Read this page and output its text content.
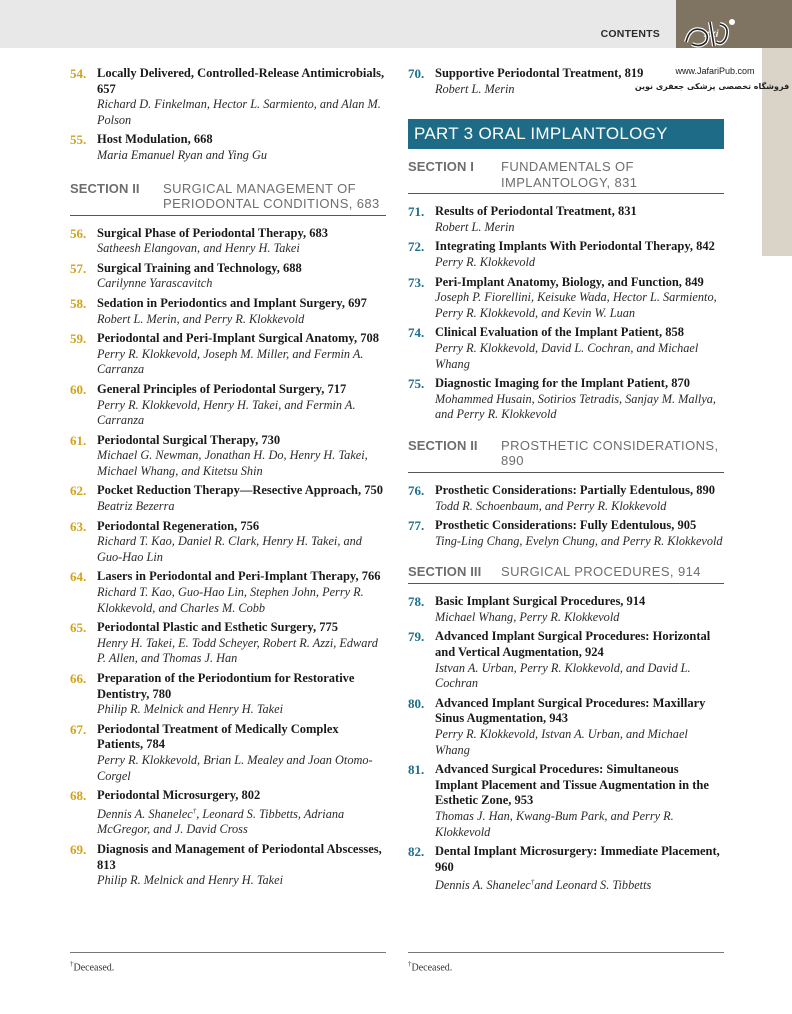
CONTENTS	xxi
www.JafariPub.com
فروشگاه تخصصی پزشکی جعفری نوین
54. Locally Delivered, Controlled-Release Antimicrobials, 657
Richard D. Finkelman, Hector L. Sarmiento, and Alan M. Polson
55. Host Modulation, 668
Maria Emanuel Ryan and Ying Gu
SECTION II SURGICAL MANAGEMENT OF PERIODONTAL CONDITIONS, 683
56. Surgical Phase of Periodontal Therapy, 683
Satheesh Elangovan, and Henry H. Takei
57. Surgical Training and Technology, 688
Carilynne Yarascavitch
58. Sedation in Periodontics and Implant Surgery, 697
Robert L. Merin, and Perry R. Klokkevold
59. Periodontal and Peri-Implant Surgical Anatomy, 708
Perry R. Klokkevold, Joseph M. Miller, and Fermin A. Carranza
60. General Principles of Periodontal Surgery, 717
Perry R. Klokkevold, Henry H. Takei, and Fermin A. Carranza
61. Periodontal Surgical Therapy, 730
Michael G. Newman, Jonathan H. Do, Henry H. Takei, Michael Whang, and Kitetsu Shin
62. Pocket Reduction Therapy—Resective Approach, 750
Beatriz Bezerra
63. Periodontal Regeneration, 756
Richard T. Kao, Daniel R. Clark, Henry H. Takei, and Guo-Hao Lin
64. Lasers in Periodontal and Peri-Implant Therapy, 766
Richard T. Kao, Guo-Hao Lin, Stephen John, Perry R. Klokkevold, and Charles M. Cobb
65. Periodontal Plastic and Esthetic Surgery, 775
Henry H. Takei, E. Todd Scheyer, Robert R. Azzi, Edward P. Allen, and Thomas J. Han
66. Preparation of the Periodontium for Restorative Dentistry, 780
Philip R. Melnick and Henry H. Takei
67. Periodontal Treatment of Medically Complex Patients, 784
Perry R. Klokkevold, Brian L. Mealey and Joan Otomo-Corgel
68. Periodontal Microsurgery, 802
Dennis A. Shanelec†, Leonard S. Tibbetts, Adriana McGregor, and J. David Cross
69. Diagnosis and Management of Periodontal Abscesses, 813
Philip R. Melnick and Henry H. Takei
70. Supportive Periodontal Treatment, 819
Robert L. Merin
PART 3 ORAL IMPLANTOLOGY
SECTION I FUNDAMENTALS OF IMPLANTOLOGY, 831
71. Results of Periodontal Treatment, 831
Robert L. Merin
72. Integrating Implants With Periodontal Therapy, 842
Perry R. Klokkevold
73. Peri-Implant Anatomy, Biology, and Function, 849
Joseph P. Fiorellini, Keisuke Wada, Hector L. Sarmiento, Perry R. Klokkevold, and Kevin W. Luan
74. Clinical Evaluation of the Implant Patient, 858
Perry R. Klokkevold, David L. Cochran, and Michael Whang
75. Diagnostic Imaging for the Implant Patient, 870
Mohammed Husain, Sotirios Tetradis, Sanjay M. Mallya, and Perry R. Klokkevold
SECTION II PROSTHETIC CONSIDERATIONS, 890
76. Prosthetic Considerations: Partially Edentulous, 890
Todd R. Schoenbaum, and Perry R. Klokkevold
77. Prosthetic Considerations: Fully Edentulous, 905
Ting-Ling Chang, Evelyn Chung, and Perry R. Klokkevold
SECTION III SURGICAL PROCEDURES, 914
78. Basic Implant Surgical Procedures, 914
Michael Whang, Perry R. Klokkevold
79. Advanced Implant Surgical Procedures: Horizontal and Vertical Augmentation, 924
Istvan A. Urban, Perry R. Klokkevold, and David L. Cochran
80. Advanced Implant Surgical Procedures: Maxillary Sinus Augmentation, 943
Perry R. Klokkevold, Istvan A. Urban, and Michael Whang
81. Advanced Surgical Procedures: Simultaneous Implant Placement and Tissue Augmentation in the Esthetic Zone, 953
Thomas J. Han, Kwang-Bum Park, and Perry R. Klokkevold
82. Dental Implant Microsurgery: Immediate Placement, 960
Dennis A. Shanelec†and Leonard S. Tibbetts
†Deceased.	†Deceased.
